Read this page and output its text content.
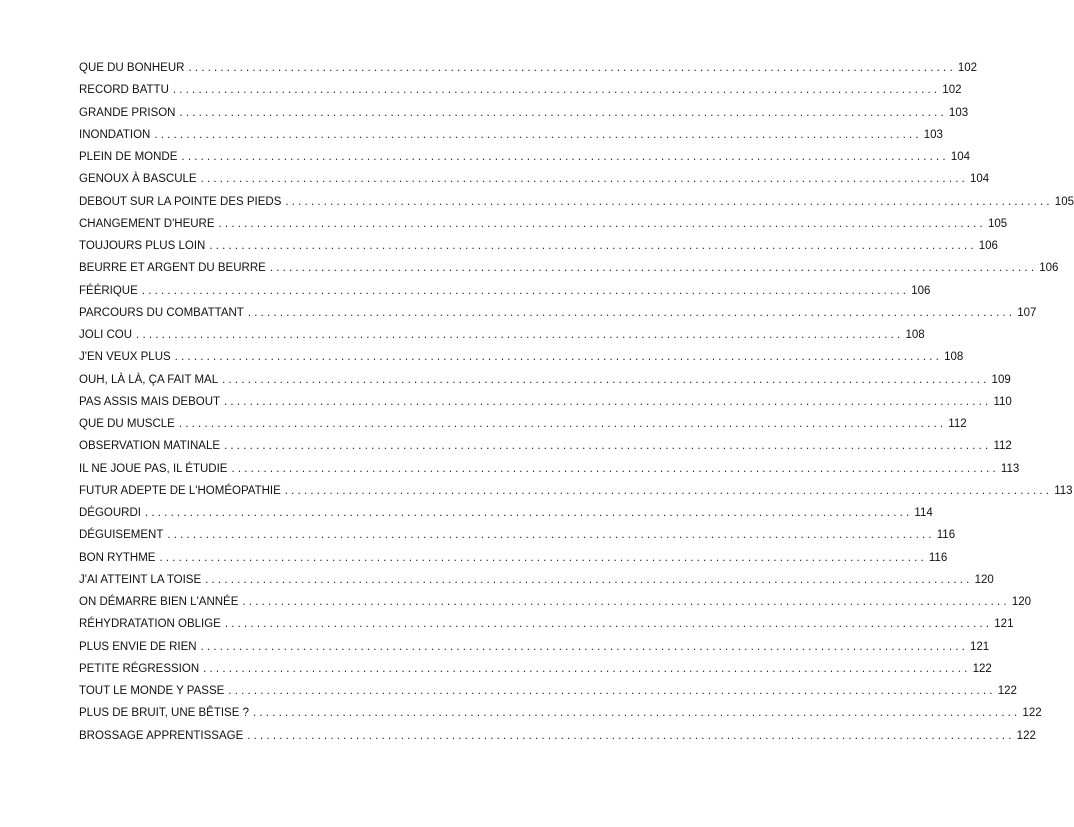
QUE DU BONHEUR ........................................................................................................................ 102
RECORD BATTU ........................................................................................................................ 102
GRANDE PRISON ........................................................................................................................ 103
INONDATION ........................................................................................................................ 103
PLEIN DE MONDE ........................................................................................................................ 104
GENOUX À BASCULE ........................................................................................................................ 104
DEBOUT SUR LA POINTE DES PIEDS ........................................................................................................................ 105
CHANGEMENT D'HEURE ........................................................................................................................ 105
TOUJOURS PLUS LOIN ........................................................................................................................ 106
BEURRE ET ARGENT DU BEURRE ........................................................................................................................ 106
FÉÉRIQUE ........................................................................................................................ 106
PARCOURS DU COMBATTANT ........................................................................................................................ 107
JOLI COU ........................................................................................................................ 108
J'EN VEUX PLUS ........................................................................................................................ 108
OUH, LÀ LÀ, ÇA FAIT MAL ........................................................................................................................ 109
PAS ASSIS MAIS DEBOUT ........................................................................................................................ 110
QUE DU MUSCLE ........................................................................................................................ 112
OBSERVATION MATINALE ........................................................................................................................ 112
IL NE JOUE PAS, IL ÉTUDIE ........................................................................................................................ 113
FUTUR ADEPTE DE L'HOMÉOPATHIE ........................................................................................................................ 113
DÉGOURDI ........................................................................................................................ 114
DÉGUISEMENT ........................................................................................................................ 116
BON RYTHME ........................................................................................................................ 116
J'AI ATTEINT LA TOISE ........................................................................................................................ 120
ON DÉMARRE BIEN L'ANNÉE ........................................................................................................................ 120
RÉHYDRATATION OBLIGE ........................................................................................................................ 121
PLUS ENVIE DE RIEN ........................................................................................................................ 121
PETITE RÉGRESSION ........................................................................................................................ 122
TOUT LE MONDE Y PASSE ........................................................................................................................ 122
PLUS DE BRUIT, UNE BÊTISE ? ........................................................................................................................ 122
BROSSAGE APPRENTISSAGE ........................................................................................................................ 122
